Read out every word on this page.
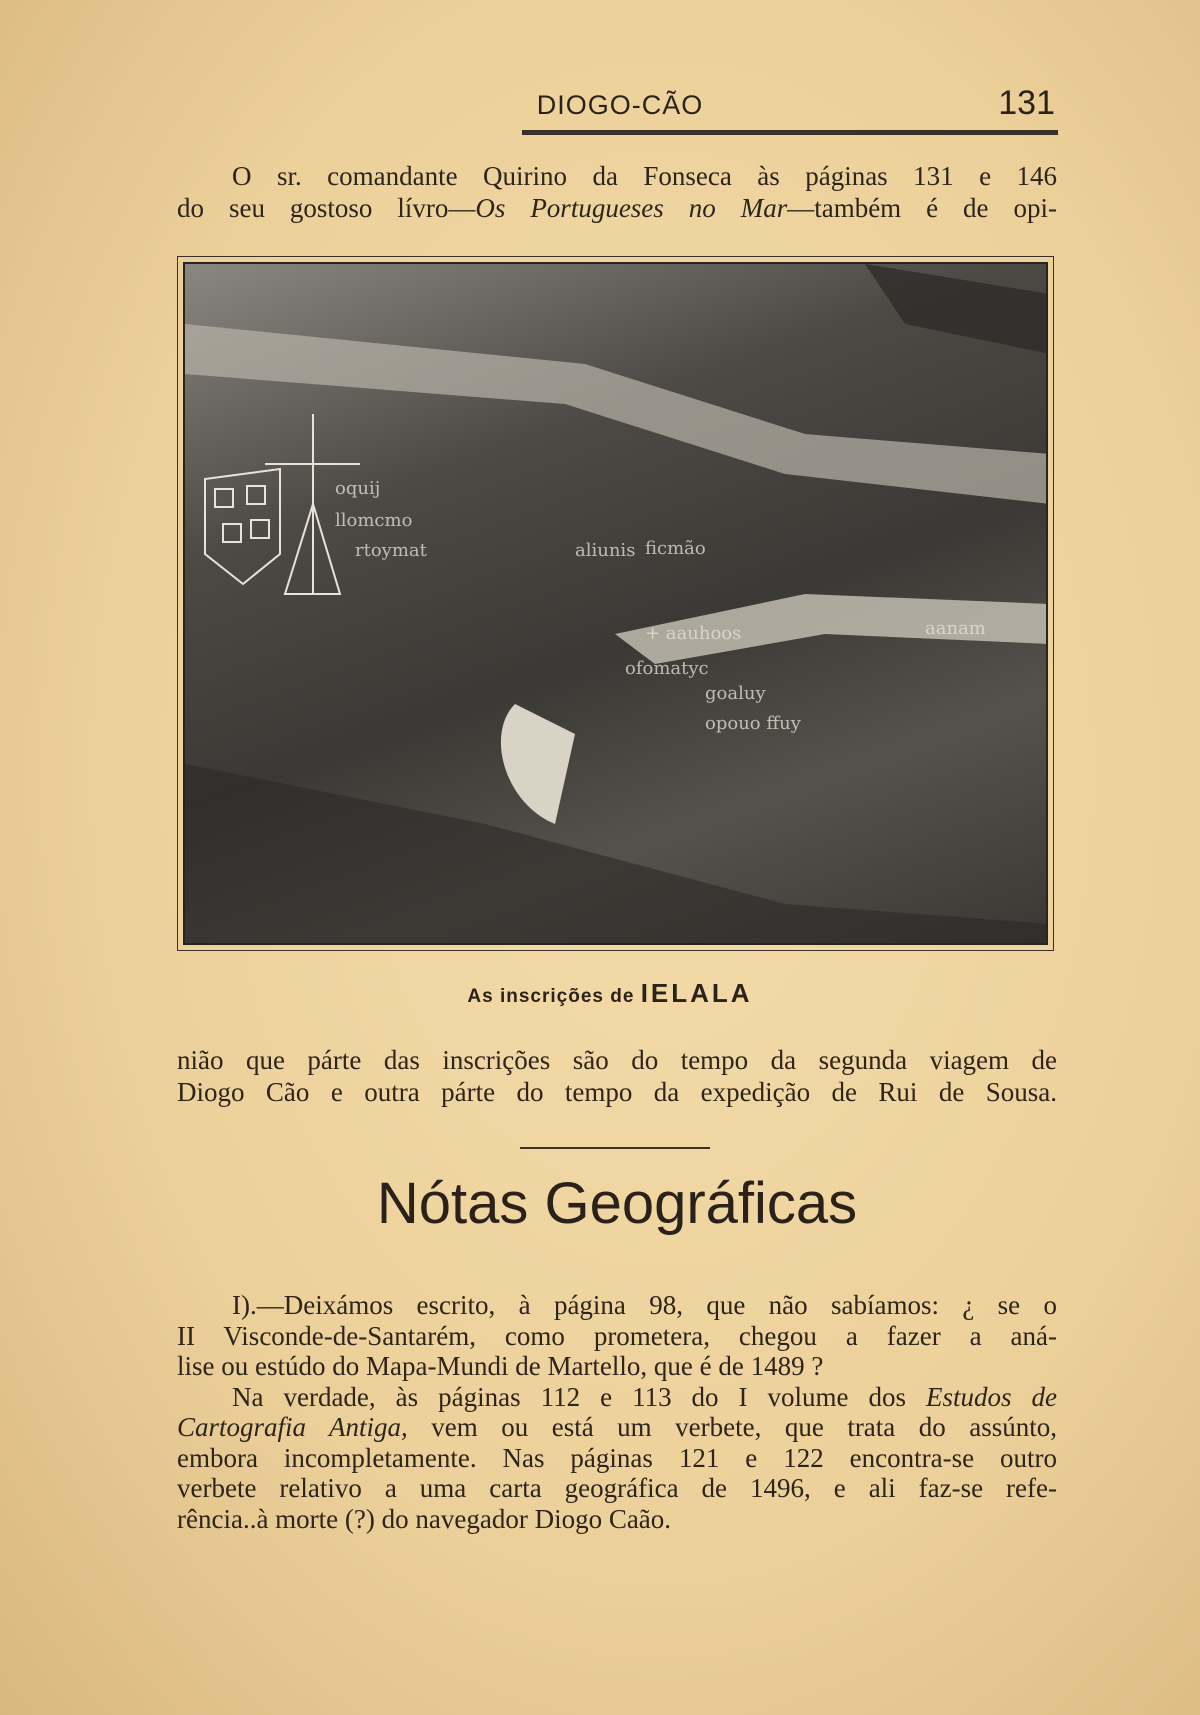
DIOGO-CÃO	131
O sr. comandante Quirino da Fonseca às páginas 131 e 146
do seu gostoso lívro—Os Portugueses no Mar—também é de opi-
oquij
llomcmo
rtoymat	aliunis ficmão
+ aauhoos
ofomatyc
goaluy
opouo ffuy
aanam
As inscrições de IELALA
nião que párte das inscrições são do tempo da segunda viagem de
Diogo Cão e outra párte do tempo da expedição de Rui de Sousa.
Nótas Geográficas
I).—Deixámos escrito, à página 98, que não sabíamos: ¿ se o
II Visconde-de-Santarém, como prometera, chegou a fazer a aná-
lise ou estúdo do Mapa-Mundi de Martello, que é de 1489 ?
Na verdade, às páginas 112 e 113 do I volume dos Estudos de
Cartografia Antiga, vem ou está um verbete, que trata do assúnto,
embora incompletamente. Nas páginas 121 e 122 encontra-se outro
verbete relativo a uma carta geográfica de 1496, e ali faz-se refe-
rência..à morte (?) do navegador Diogo Caão.
